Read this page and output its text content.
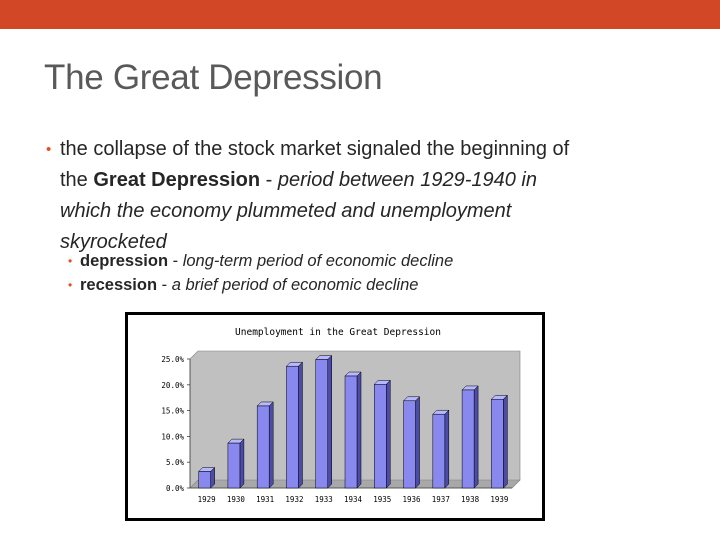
The Great Depression
• the collapse of the stock market signaled the beginning of
the Great Depression - period between 1929-1940 in
which the economy plummeted and unemployment
skyrocketed
• depression - long-term period of economic decline
• recession - a brief period of economic decline
Unemployment in the Great Depression
0.0%
5.0%
10.0%
15.0%
20.0%
25.0%
1929 1930 1931 1932 1933 1934 1935 1936 1937 1938 1939
